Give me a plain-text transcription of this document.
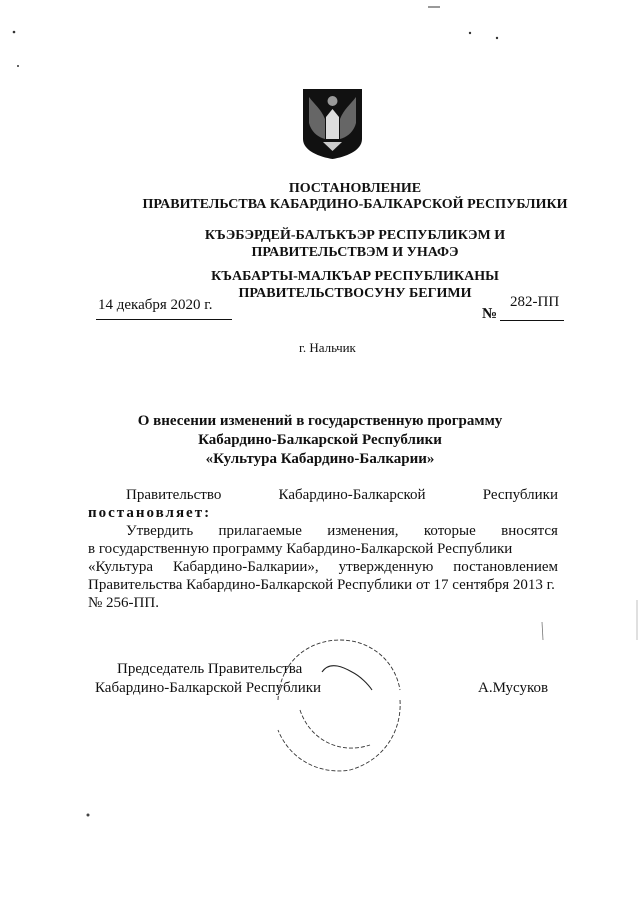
ПОСТАНОВЛЕНИЕ
ПРАВИТЕЛЬСТВА КАБАРДИНО-БАЛКАРСКОЙ РЕСПУБЛИКИ
КЪЭБЭРДЕЙ-БАЛЪКЪЭР РЕСПУБЛИКЭМ И ПРАВИТЕЛЬСТВЭМ И УНАФЭ
КЪАБАРТЫ-МАЛКЪАР РЕСПУБЛИКАНЫ ПРАВИТЕЛЬСТВОСУНУ БЕГИМИ
14 декабря 2020 г.
№
282-ПП
г. Нальчик
О внесении изменений в государственную программу
Кабардино-Балкарской Республики
«Культура Кабардино-Балкарии»
Правительство	Кабардино-Балкарской	Республики
постановляет:
Утвердить прилагаемые изменения, которые вносятся
в государственную программу Кабардино-Балкарской Республики
«Культура Кабардино-Балкарии», утвержденную постановлением
Правительства Кабардино-Балкарской Республики от 17 сентября 2013 г.
№ 256-ПП.
Председатель Правительства
Кабардино-Балкарской Республики	А.Мусуков
